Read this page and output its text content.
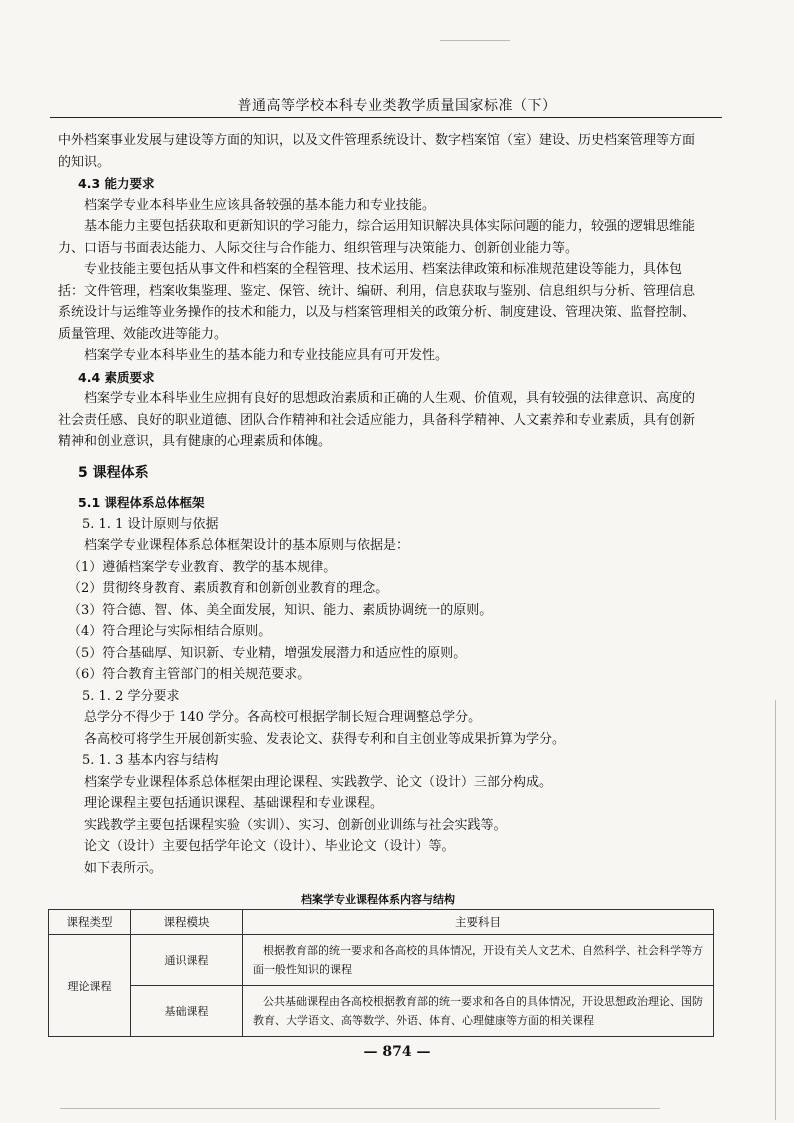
普通高等学校本科专业类教学质量国家标准（下）

中外档案事业发展与建设等方面的知识，以及文件管理系统设计、数字档案馆（室）建设、历史档案管理等方面的知识。

4.3 能力要求

档案学专业本科毕业生应该具备较强的基本能力和专业技能。

基本能力主要包括获取和更新知识的学习能力，综合运用知识解决具体实际问题的能力，较强的逻辑思维能力、口语与书面表达能力、人际交往与合作能力、组织管理与决策能力、创新创业能力等。

专业技能主要包括从事文件和档案的全程管理、技术运用、档案法律政策和标准规范建设等能力，具体包括：文件管理，档案收集鉴理、鉴定、保管、统计、编研、利用，信息获取与鉴别、信息组织与分析、管理信息系统设计与运维等业务操作的技术和能力，以及与档案管理相关的政策分析、制度建设、管理决策、监督控制、质量管理、效能改进等能力。

档案学专业本科毕业生的基本能力和专业技能应具有可开发性。

4.4 素质要求

档案学专业本科毕业生应拥有良好的思想政治素质和正确的人生观、价值观，具有较强的法律意识、高度的社会责任感、良好的职业道德、团队合作精神和社会适应能力，具备科学精神、人文素养和专业素质，具有创新精神和创业意识，具有健康的心理素质和体魄。

5 课程体系

5.1 课程体系总体框架

5. 1. 1 设计原则与依据

档案学专业课程体系总体框架设计的基本原则与依据是：

（1）遵循档案学专业教育、教学的基本规律。

（2）贯彻终身教育、素质教育和创新创业教育的理念。

（3）符合德、智、体、美全面发展，知识、能力、素质协调统一的原则。

（4）符合理论与实际相结合原则。

（5）符合基础厚、知识新、专业精，增强发展潜力和适应性的原则。

（6）符合教育主管部门的相关规范要求。

5. 1. 2 学分要求

总学分不得少于 140 学分。各高校可根据学制长短合理调整总学分。

各高校可将学生开展创新实验、发表论文、获得专利和自主创业等成果折算为学分。

5. 1. 3 基本内容与结构

档案学专业课程体系总体框架由理论课程、实践教学、论文（设计）三部分构成。

理论课程主要包括通识课程、基础课程和专业课程。

实践教学主要包括课程实验（实训）、实习、创新创业训练与社会实践等。

论文（设计）主要包括学年论文（设计）、毕业论文（设计）等。

如下表所示。

档案学专业课程体系内容与结构
课程类型	课程模块	主要科目
理论课程	通识课程	根据教育部的统一要求和各高校的具体情况，开设有关人文艺术、自然科学、社会科学等方面一般性知识的课程
	基础课程	公共基础课程由各高校根据教育部的统一要求和各自的具体情况，开设思想政治理论、国防教育、大学语文、高等数学、外语、体育、心理健康等方面的相关课程
— 874 —
